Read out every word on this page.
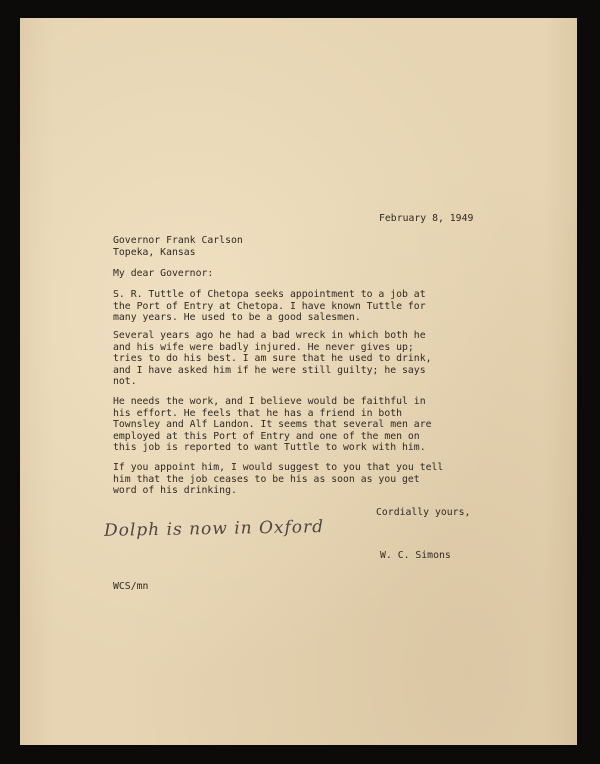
February 8, 1949
Governor Frank Carlson
Topeka, Kansas
My dear Governor:
S. R. Tuttle of Chetopa seeks appointment to a job at
the Port of Entry at Chetopa. I have known Tuttle for
many years. He used to be a good salesmen.
Several years ago he had a bad wreck in which both he
and his wife were badly injured. He never gives up;
tries to do his best. I am sure that he used to drink,
and I have asked him if he were still guilty; he says
not.
He needs the work, and I believe would be faithful in
his effort. He feels that he has a friend in both
Townsley and Alf Landon. It seems that several men are
employed at this Port of Entry and one of the men on
this job is reported to want Tuttle to work with him.
If you appoint him, I would suggest to you that you tell
him that the job ceases to be his as soon as you get
word of his drinking.
Cordially yours,
Dolph is now in Oxford
W. C. Simons
WCS/mn
